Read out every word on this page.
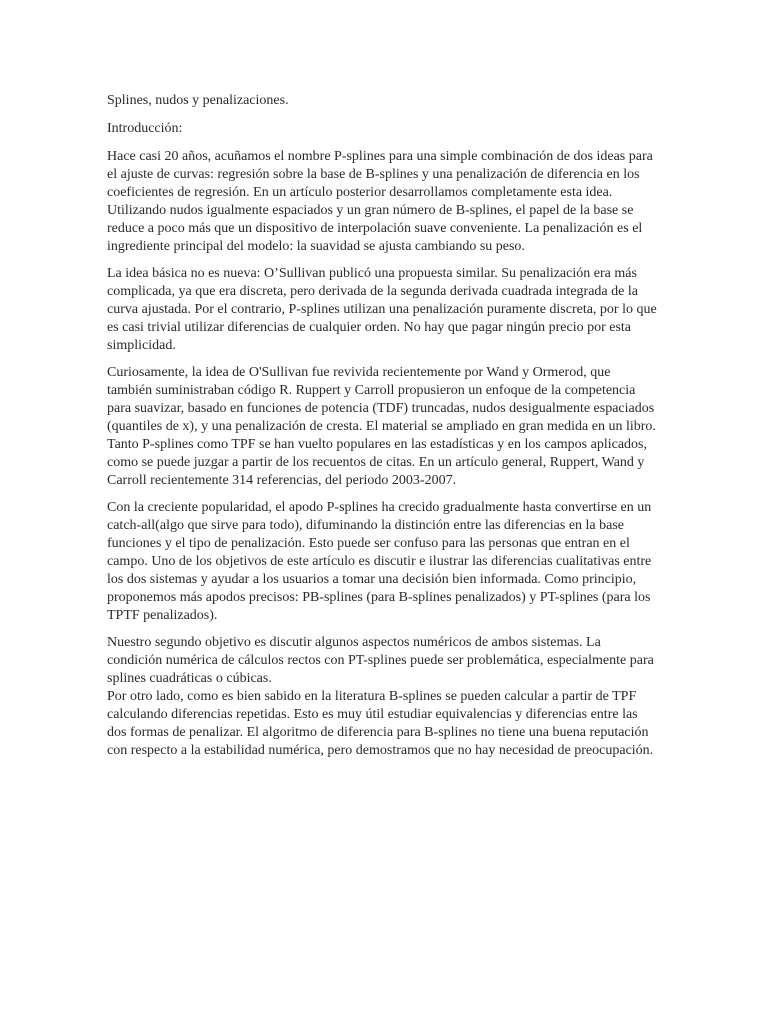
Splines, nudos y penalizaciones.

Introducción:

Hace casi 20 años, acuñamos el nombre P-splines para una simple combinación de dos ideas para el ajuste de curvas: regresión sobre la base de B-splines y una penalización de diferencia en los coeficientes de regresión. En un artículo posterior desarrollamos completamente esta idea. Utilizando nudos igualmente espaciados y un gran número de B-splines, el papel de la base se reduce a poco más que un dispositivo de interpolación suave conveniente. La penalización es el ingrediente principal del modelo: la suavidad se ajusta cambiando su peso.

La idea básica no es nueva: O’Sullivan publicó una propuesta similar. Su penalización era más complicada, ya que era discreta, pero derivada de la segunda derivada cuadrada integrada de la curva ajustada. Por el contrario, P-splines utilizan una penalización puramente discreta, por lo que es casi trivial utilizar diferencias de cualquier orden. No hay que pagar ningún precio por esta simplicidad.

Curiosamente, la idea de O'Sullivan fue revivida recientemente por Wand y Ormerod, que también suministraban código R. Ruppert y Carroll propusieron un enfoque de la competencia para suavizar, basado en funciones de potencia (TDF) truncadas, nudos desigualmente espaciados (quantiles de x), y una penalización de cresta. El material se ampliado en gran medida en un libro. Tanto P-splines como TPF se han vuelto populares en las estadísticas y en los campos aplicados, como se puede juzgar a partir de los recuentos de citas. En un artículo general, Ruppert, Wand y Carroll recientemente 314 referencias, del periodo 2003-2007.

Con la creciente popularidad, el apodo P-splines ha crecido gradualmente hasta convertirse en un catch-all(algo que sirve para todo), difuminando la distinción entre las diferencias en la base funciones y el tipo de penalización. Esto puede ser confuso para las personas que entran en el campo. Uno de los objetivos de este artículo es discutir e ilustrar las diferencias cualitativas entre los dos sistemas y ayudar a los usuarios a tomar una decisión bien informada. Como principio, proponemos más apodos precisos: PB-splines (para B-splines penalizados) y PT-splines (para los TPTF penalizados).

Nuestro segundo objetivo es discutir algunos aspectos numéricos de ambos sistemas. La condición numérica de cálculos rectos con PT-splines puede ser problemática, especialmente para splines cuadráticas o cúbicas.

Por otro lado, como es bien sabido en la literatura B-splines se pueden calcular a partir de TPF calculando diferencias repetidas. Esto es muy útil estudiar equivalencias y diferencias entre las dos formas de penalizar. El algoritmo de diferencia para B-splines no tiene una buena reputación con respecto a la estabilidad numérica, pero demostramos que no hay necesidad de preocupación.
